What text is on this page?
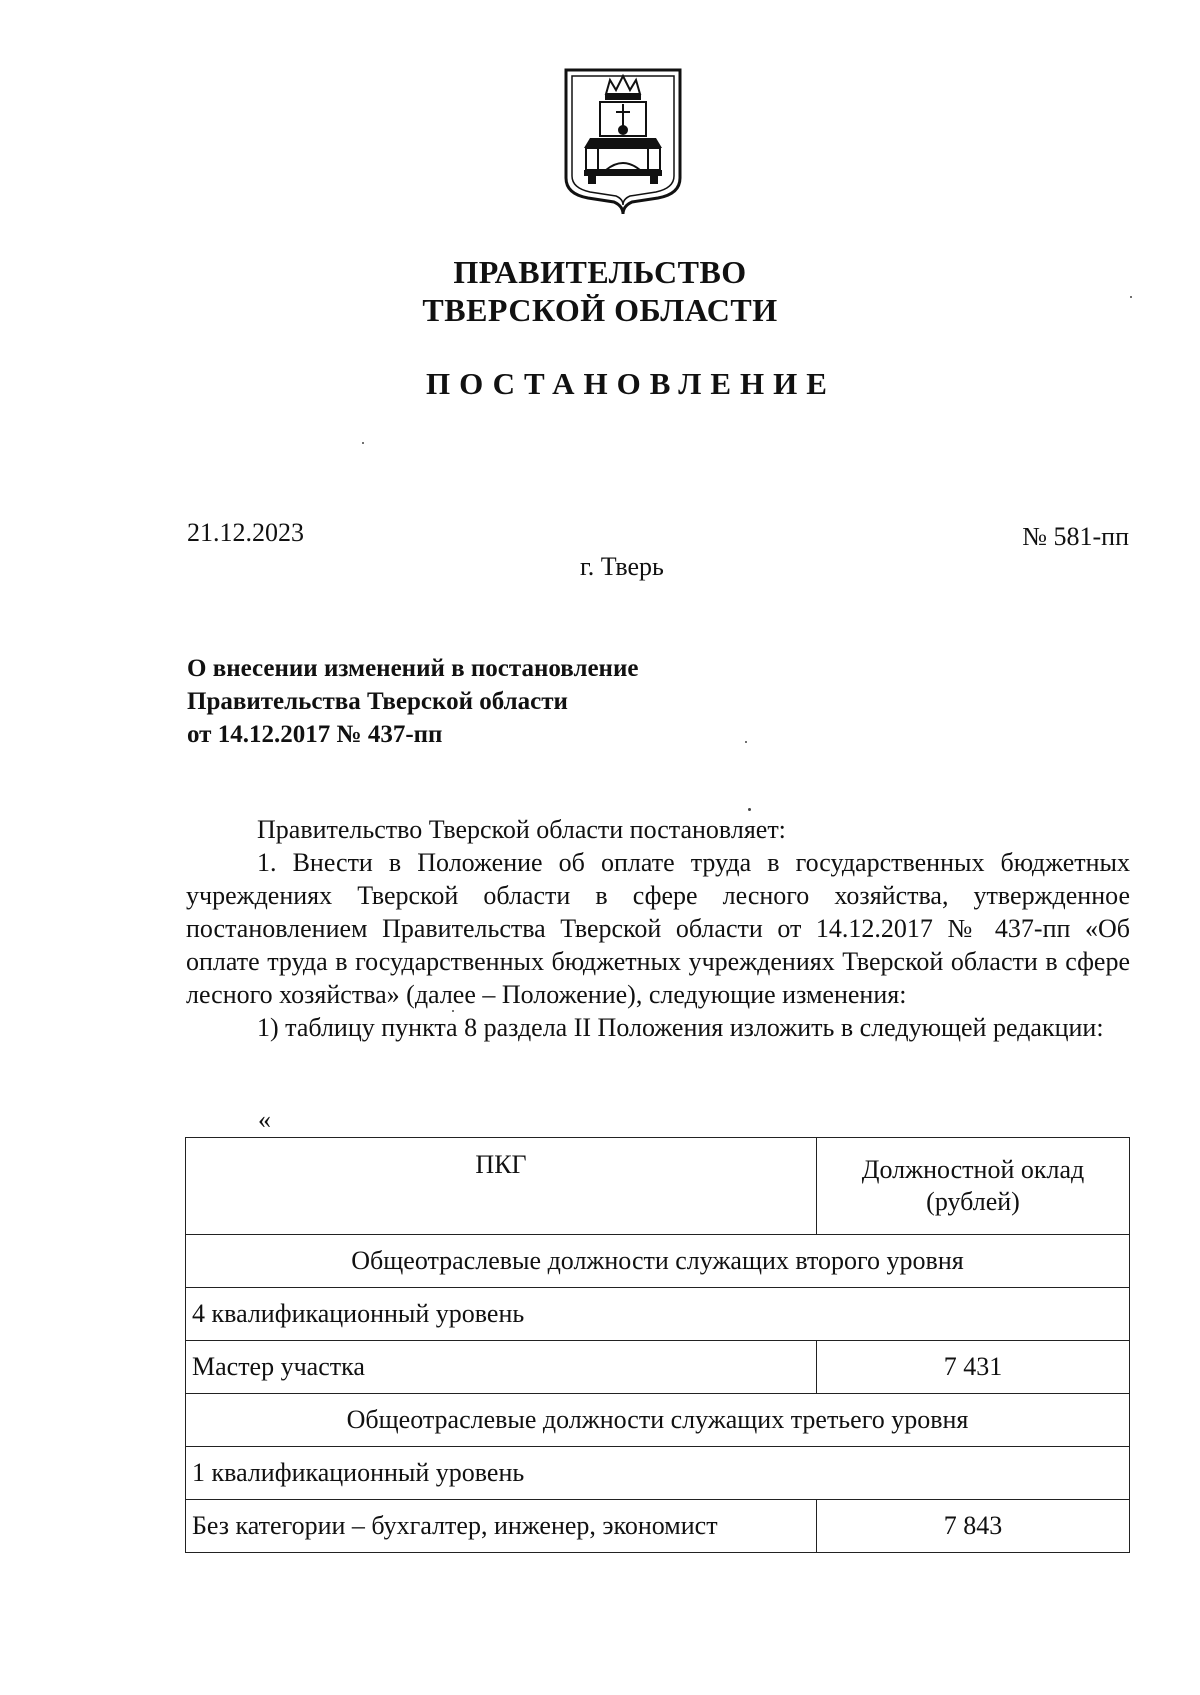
ПРАВИТЕЛЬСТВО
ТВЕРСКОЙ ОБЛАСТИ
ПОСТАНОВЛЕНИЕ
21.12.2023	№ 581-пп
г. Тверь
О внесении изменений в постановление
Правительства Тверской области
от 14.12.2017 № 437-пп

Правительство Тверской области постановляет:

1. Внести в Положение об оплате труда в государственных бюджетных учреждениях Тверской области в сфере лесного хозяйства, утвержденное постановлением Правительства Тверской области от 14.12.2017 № 437-пп «Об оплате труда в государственных бюджетных учреждениях Тверской области в сфере лесного хозяйства» (далее – Положение), следующие изменения:

1) таблицу пункта 8 раздела II Положения изложить в следующей редакции:

«
ПКГ	Должностной оклад (рублей)
Общеотраслевые должности служащих второго уровня	
4 квалификационный уровень	
Мастер участка	7 431
Общеотраслевые должности служащих третьего уровня	
1 квалификационный уровень	
Без категории – бухгалтер, инженер, экономист	7 843
